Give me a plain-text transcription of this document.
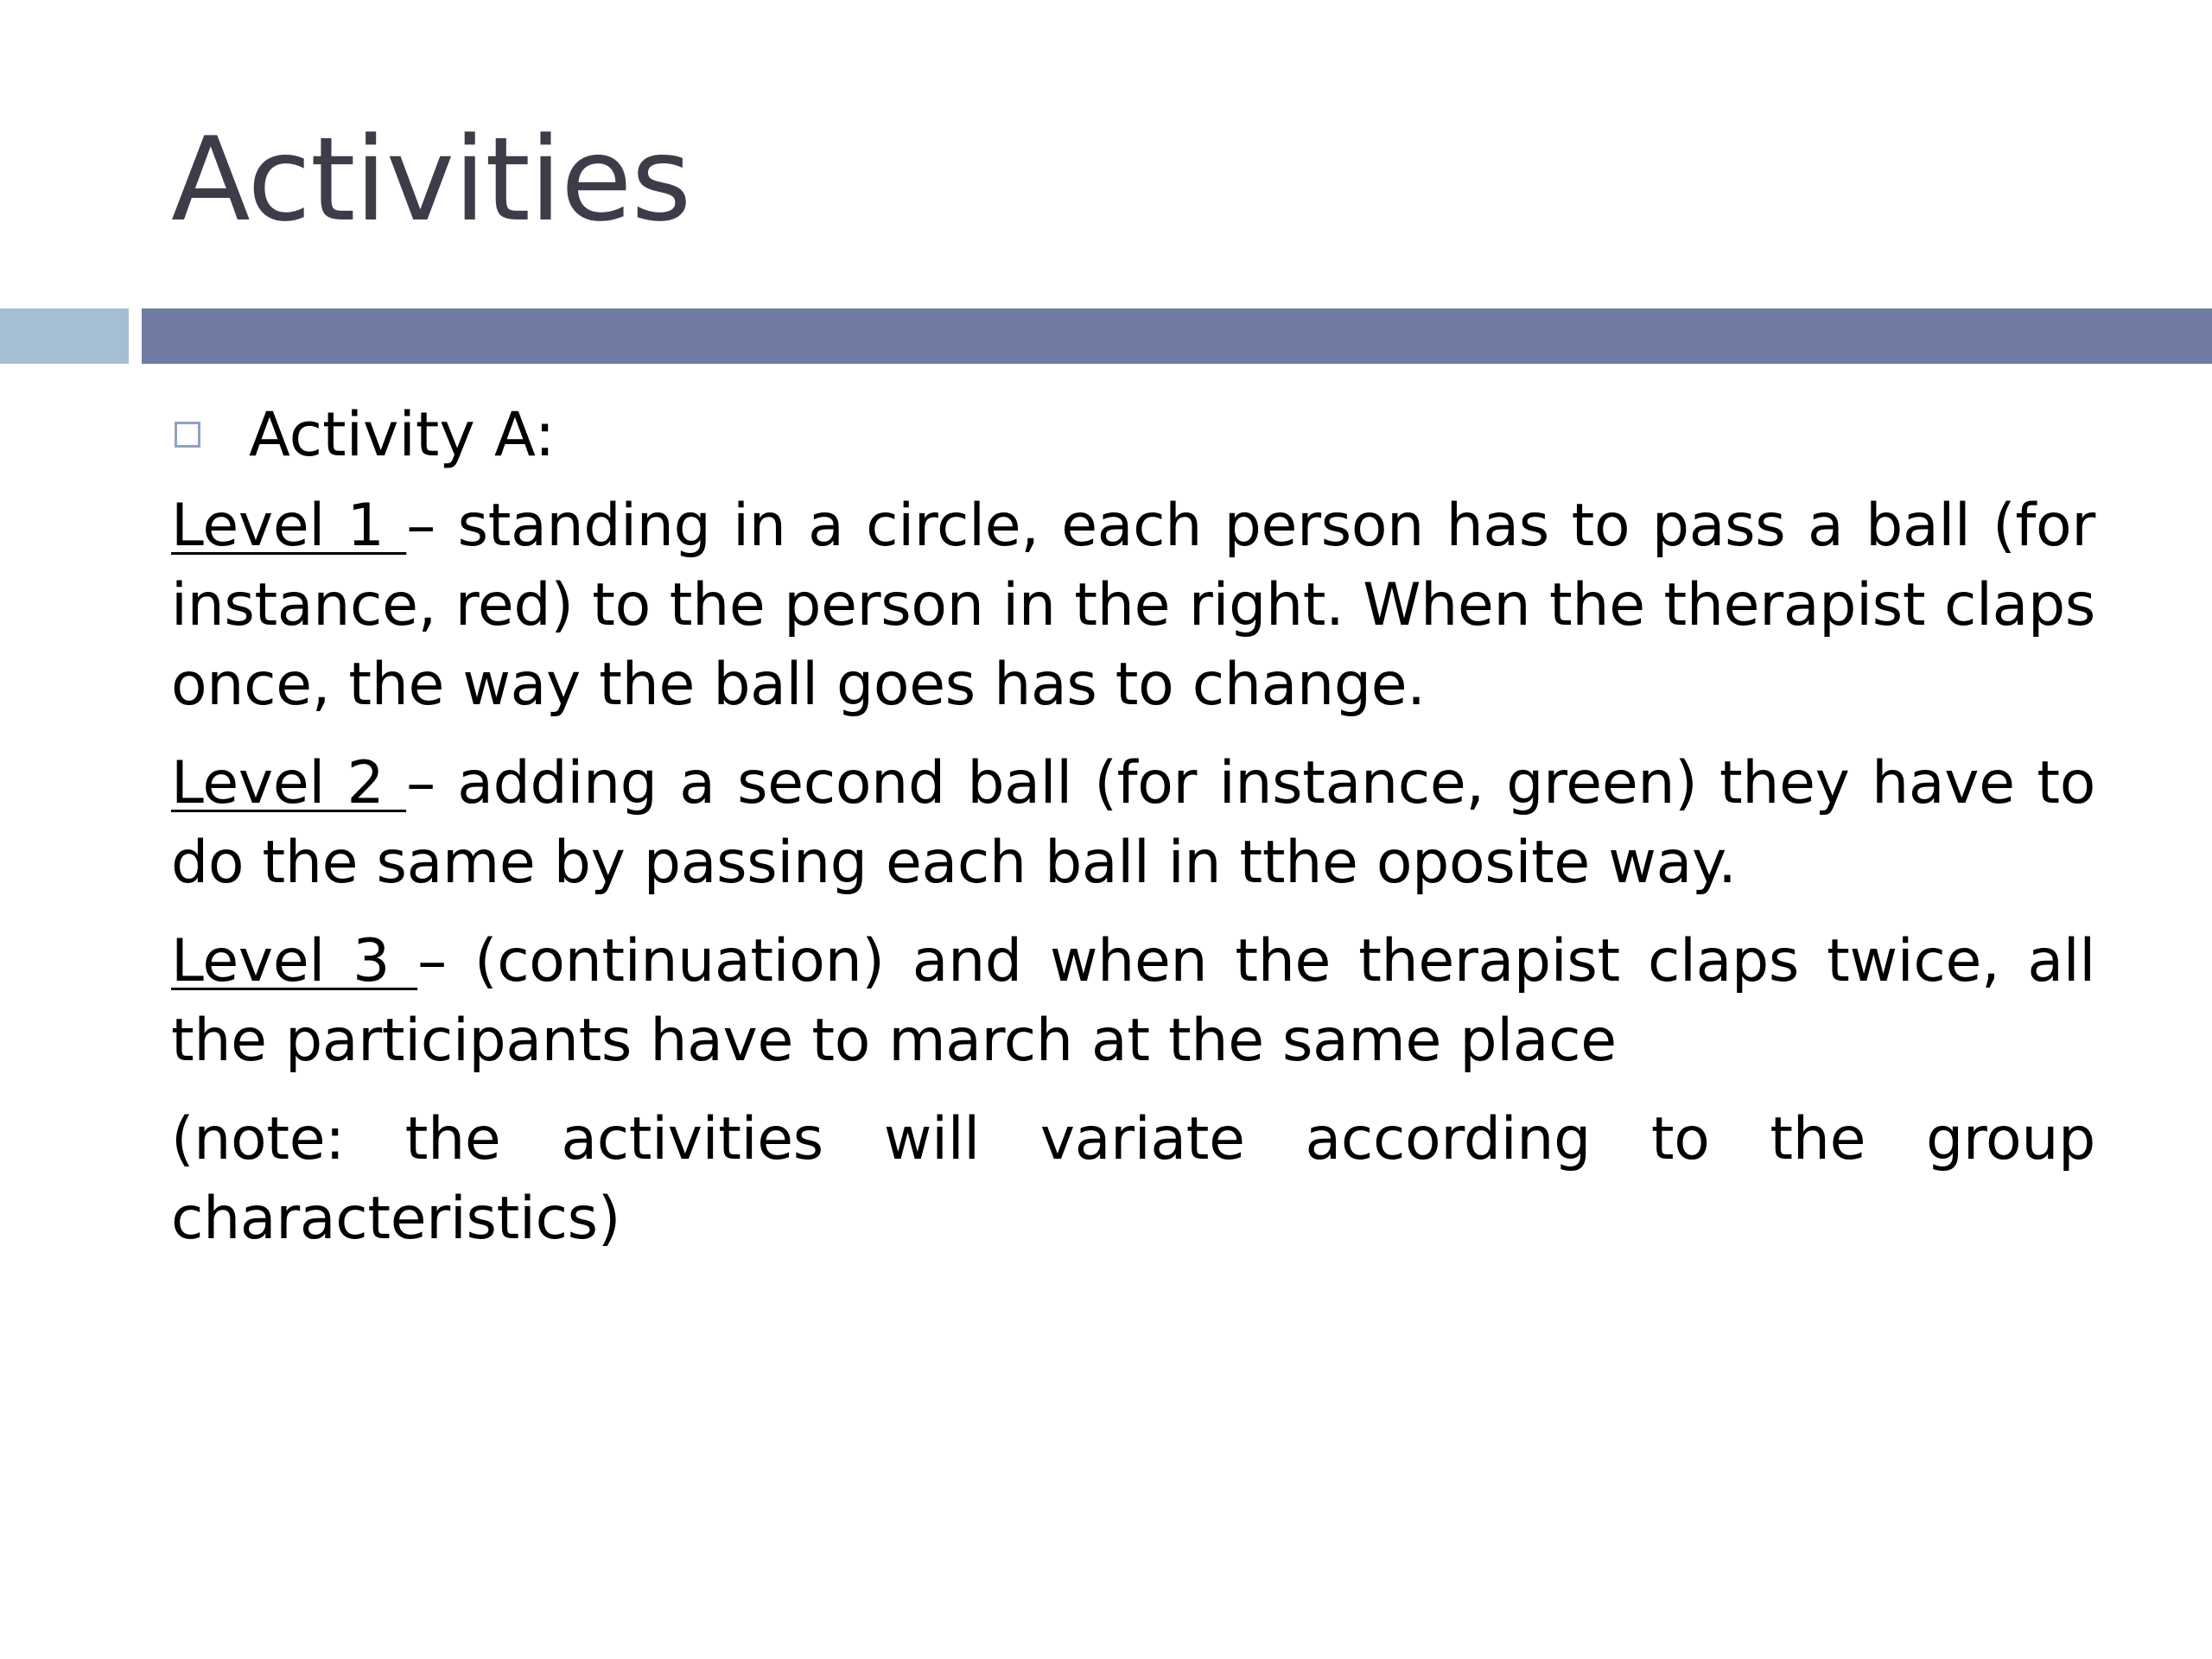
Activities
Activity A:

Level 1 – standing in a circle, each person has to pass a ball (for instance, red) to the person in the right. When the therapist claps once, the way the ball goes has to change.

Level 2 – adding a second ball (for instance, green) they have to do the same by passing each ball in tthe oposite way.

Level 3 – (continuation) and when the therapist claps twice, all the participants have to march at the same place

(note: the activities will variate according to the group characteristics)
